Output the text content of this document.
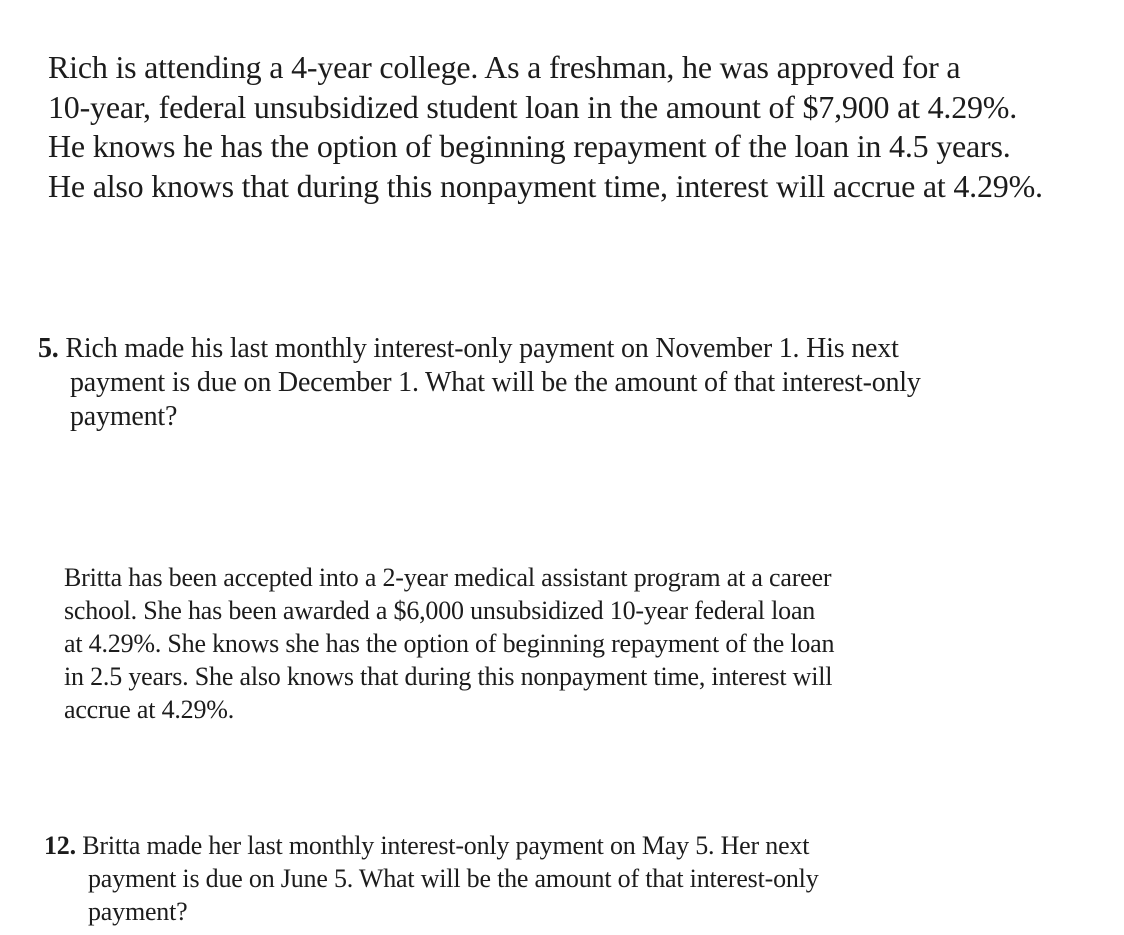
Rich is attending a 4-year college. As a freshman, he was approved for a
10-year, federal unsubsidized student loan in the amount of $7,900 at 4.29%.
He knows he has the option of beginning repayment of the loan in 4.5 years.
He also knows that during this nonpayment time, interest will accrue at 4.29%.
5. Rich made his last monthly interest-only payment on November 1. His next
payment is due on December 1. What will be the amount of that interest-only
payment?
Britta has been accepted into a 2-year medical assistant program at a career
school. She has been awarded a $6,000 unsubsidized 10-year federal loan
at 4.29%. She knows she has the option of beginning repayment of the loan
in 2.5 years. She also knows that during this nonpayment time, interest will
accrue at 4.29%.
12. Britta made her last monthly interest-only payment on May 5. Her next
payment is due on June 5. What will be the amount of that interest-only
payment?
